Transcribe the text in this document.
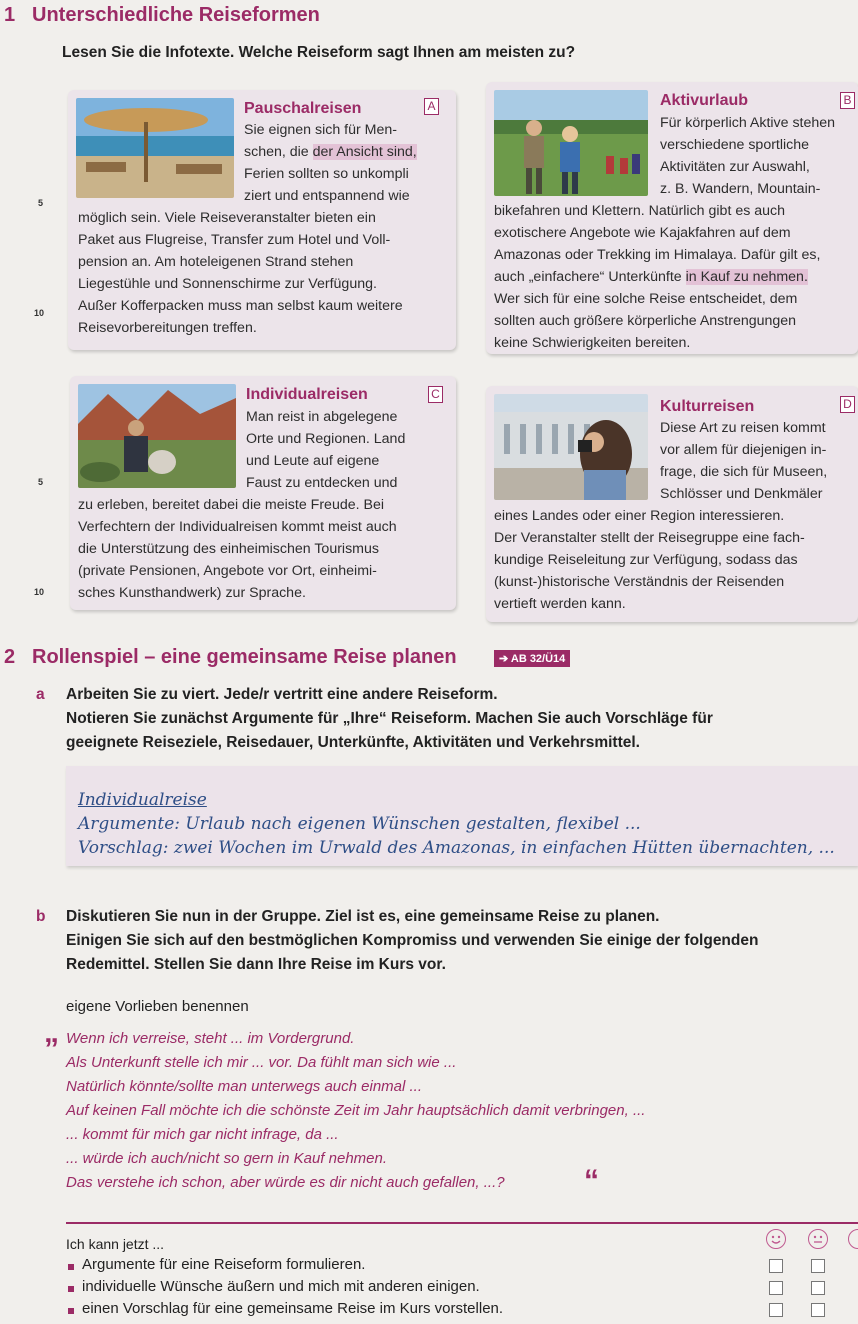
1 Unterschiedliche Reiseformen
Lesen Sie die Infotexte. Welche Reiseform sagt Ihnen am meisten zu?
Pauschalreisen	A
Sie eignen sich für Men-
schen, die der Ansicht sind,
Ferien sollten so unkompli
ziert und entspannend wie
möglich sein. Viele Reiseveranstalter bieten ein
Paket aus Flugreise, Transfer zum Hotel und Voll-
pension an. Am hoteleigenen Strand stehen
Liegestühle und Sonnenschirme zur Verfügung.
Außer Kofferpacken muss man selbst kaum weitere
Reisevorbereitungen treffen.
5
10
Aktivurlaub	B
Für körperlich Aktive stehen
verschiedene sportliche
Aktivitäten zur Auswahl,
z. B. Wandern, Mountain-
bikefahren und Klettern. Natürlich gibt es auch
exotischere Angebote wie Kajakfahren auf dem
Amazonas oder Trekking im Himalaya. Dafür gilt es,
auch „einfachere“ Unterkünfte in Kauf zu nehmen.
Wer sich für eine solche Reise entscheidet, dem
sollten auch größere körperliche Anstrengungen
keine Schwierigkeiten bereiten.
Individualreisen	C
Man reist in abgelegene
Orte und Regionen. Land
und Leute auf eigene
Faust zu entdecken und
zu erleben, bereitet dabei die meiste Freude. Bei
Verfechtern der Individualreisen kommt meist auch
die Unterstützung des einheimischen Tourismus
(private Pensionen, Angebote vor Ort, einheimi-
sches Kunsthandwerk) zur Sprache.
5
10
Kulturreisen	D
Diese Art zu reisen kommt
vor allem für diejenigen in-
frage, die sich für Museen,
Schlösser und Denkmäler
eines Landes oder einer Region interessieren.
Der Veranstalter stellt der Reisegruppe eine fach-
kundige Reiseleitung zur Verfügung, sodass das
(kunst-)historische Verständnis der Reisenden
vertieft werden kann.
2 Rollenspiel – eine gemeinsame Reise planen	➔ AB 32/Ü14
a Arbeiten Sie zu viert. Jede/r vertritt eine andere Reiseform.
Notieren Sie zunächst Argumente für „Ihre“ Reiseform. Machen Sie auch Vorschläge für
geeignete Reiseziele, Reisedauer, Unterkünfte, Aktivitäten und Verkehrsmittel.
Individualreise
Argumente: Urlaub nach eigenen Wünschen gestalten, flexibel ...
Vorschlag: zwei Wochen im Urwald des Amazonas, in einfachen Hütten übernachten, ...
b Diskutieren Sie nun in der Gruppe. Ziel ist es, eine gemeinsame Reise zu planen.
Einigen Sie sich auf den bestmöglichen Kompromiss und verwenden Sie einige der folgenden
Redemittel. Stellen Sie dann Ihre Reise im Kurs vor.
eigene Vorlieben benennen
„ Wenn ich verreise, steht ... im Vordergrund.
Als Unterkunft stelle ich mir ... vor. Da fühlt man sich wie ...
Natürlich könnte/sollte man unterwegs auch einmal ...
Auf keinen Fall möchte ich die schönste Zeit im Jahr hauptsächlich damit verbringen, ...
... kommt für mich gar nicht infrage, da ...
... würde ich auch/nicht so gern in Kauf nehmen.
Das verstehe ich schon, aber würde es dir nicht auch gefallen, ...?	“
Ich kann jetzt ...
Argumente für eine Reiseform formulieren.
individuelle Wünsche äußern und mich mit anderen einigen.
einen Vorschlag für eine gemeinsame Reise im Kurs vorstellen.
